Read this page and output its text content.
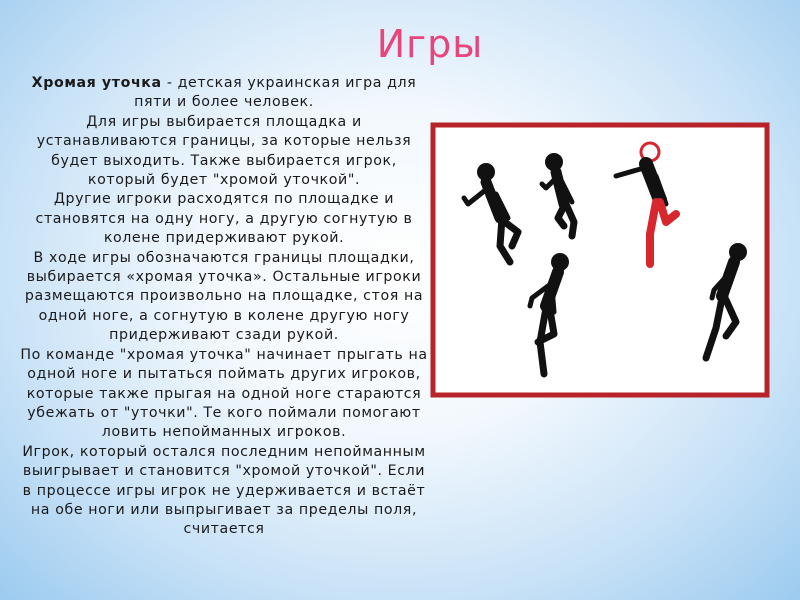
Игры

Хромая уточка - детская украинская игра для пяти и более человек.

Для игры выбирается площадка и устанавливаются границы, за которые нельзя будет выходить. Также выбирается игрок, который будет "хромой уточкой".

Другие игроки расходятся по площадке и становятся на одну ногу, а другую согнутую в колене придерживают рукой.

В ходе игры обозначаются границы площадки, выбирается «хромая уточка». Остальные игроки размещаются произвольно на площадке, стоя на одной ноге, а согнутую в колене другую ногу придерживают сзади рукой.

По команде "хромая уточка" начинает прыгать на одной ноге и пытаться поймать других игроков, которые также прыгая на одной ноге стараются убежать от "уточки". Те кого поймали помогают ловить непойманных игроков.

Игрок, который остался последним непойманным выигрывает и становится "хромой уточкой". Если в процессе игры игрок не удерживается и встаёт на обе ноги или выпрыгивает за пределы поля, считается
